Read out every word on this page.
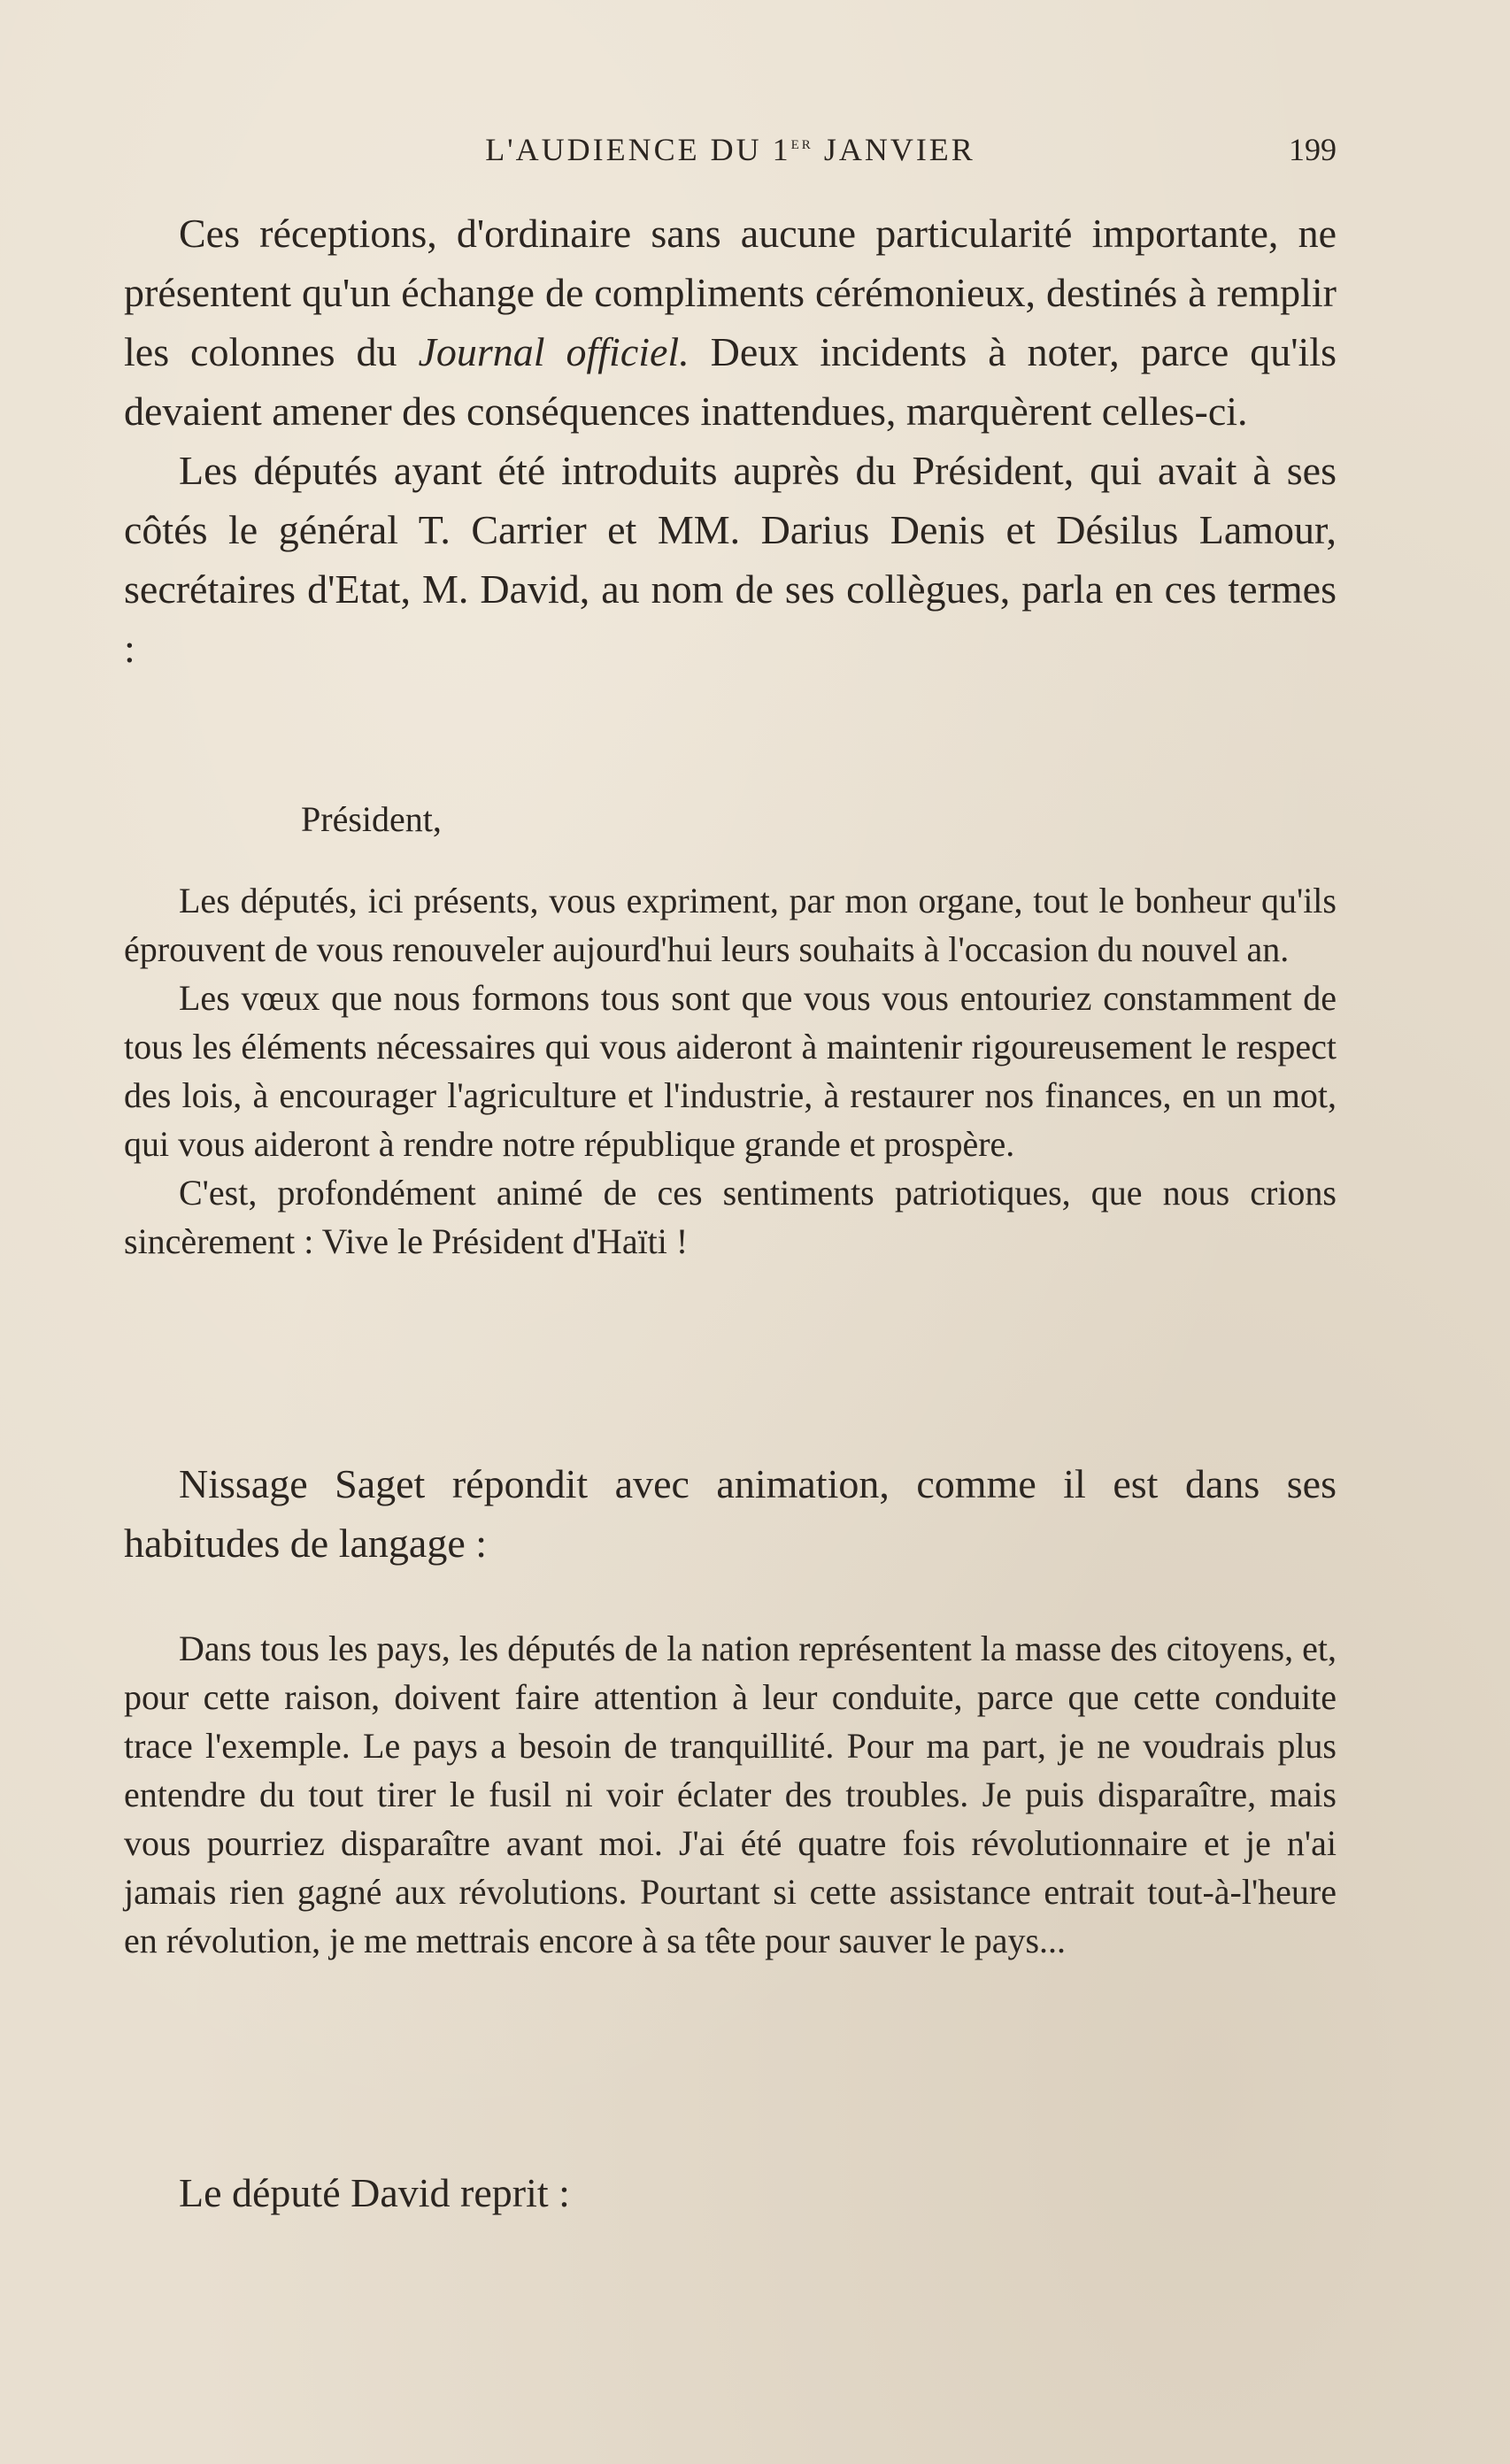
L'AUDIENCE DU 1er JANVIER	199

Ces réceptions, d'ordinaire sans aucune particularité importante, ne présentent qu'un échange de compliments cérémonieux, destinés à remplir les colonnes du Journal officiel. Deux incidents à noter, parce qu'ils devaient amener des conséquences inattendues, marquèrent celles-ci.

Les députés ayant été introduits auprès du Président, qui avait à ses côtés le général T. Carrier et MM. Darius Denis et Désilus Lamour, secrétaires d'Etat, M. David, au nom de ses collègues, parla en ces termes :

Président,

Les députés, ici présents, vous expriment, par mon organe, tout le bonheur qu'ils éprouvent de vous renouveler aujourd'hui leurs souhaits à l'occasion du nouvel an.

Les vœux que nous formons tous sont que vous vous entouriez constamment de tous les éléments nécessaires qui vous aideront à maintenir rigoureusement le respect des lois, à encourager l'agriculture et l'industrie, à restaurer nos finances, en un mot, qui vous aideront à rendre notre république grande et prospère.

C'est, profondément animé de ces sentiments patriotiques, que nous crions sincèrement : Vive le Président d'Haïti !

Nissage Saget répondit avec animation, comme il est dans ses habitudes de langage :

Dans tous les pays, les députés de la nation représentent la masse des citoyens, et, pour cette raison, doivent faire attention à leur conduite, parce que cette conduite trace l'exemple. Le pays a besoin de tranquillité. Pour ma part, je ne voudrais plus entendre du tout tirer le fusil ni voir éclater des troubles. Je puis disparaître, mais vous pourriez disparaître avant moi. J'ai été quatre fois révolutionnaire et je n'ai jamais rien gagné aux révolutions. Pourtant si cette assistance entrait tout-à-l'heure en révolution, je me mettrais encore à sa tête pour sauver le pays...

Le député David reprit :
